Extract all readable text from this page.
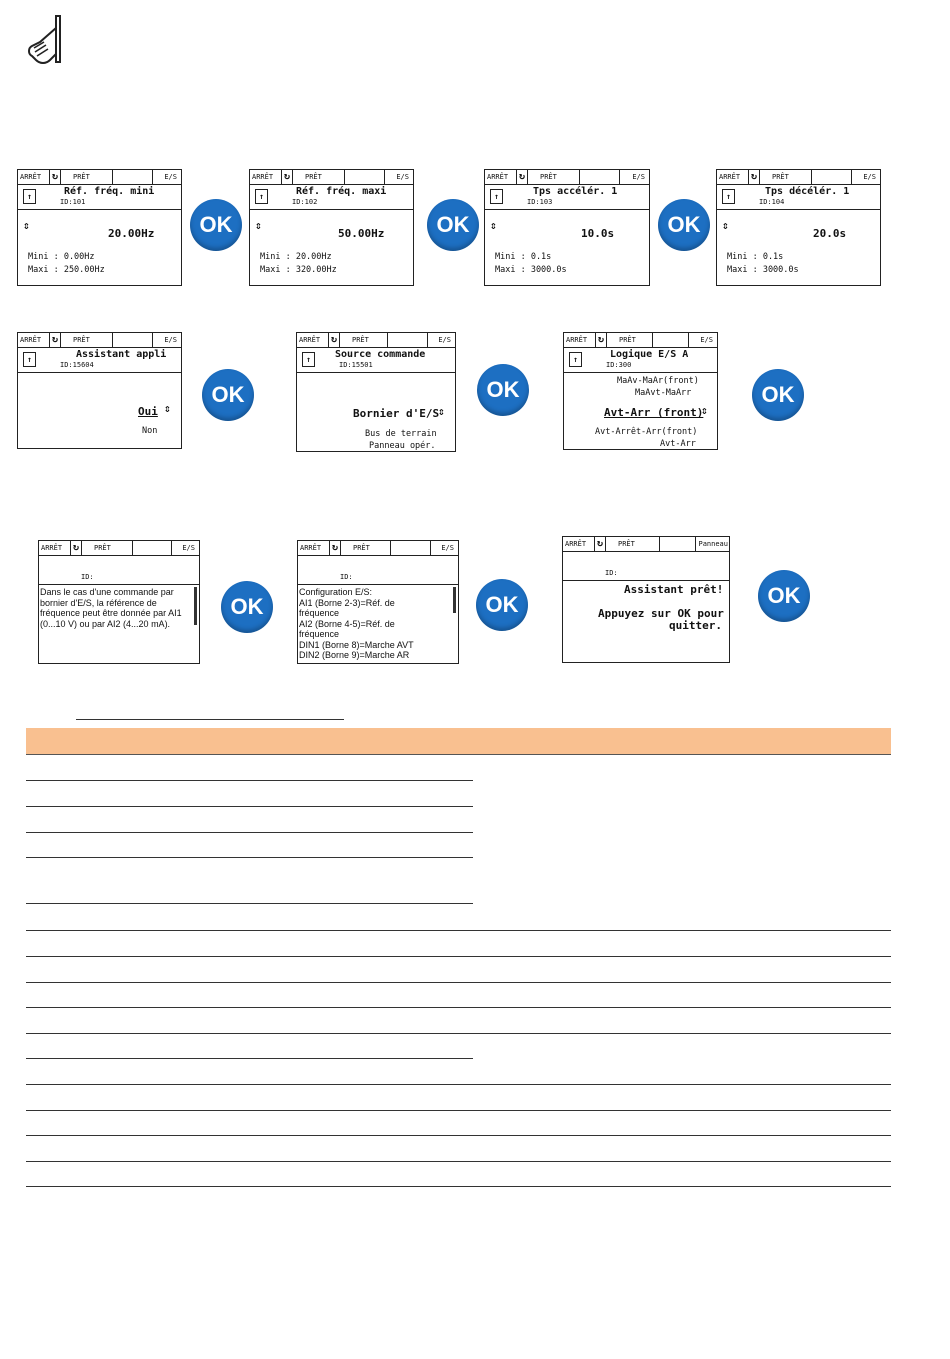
ARRÊT ↻	PRÊT	E/S
↑	Réf. fréq. mini
ID:101
⇕
20.00Hz
Mini : 0.00Hz
Maxi : 250.00Hz
OK
ARRÊT ↻	PRÊT	E/S
↑	Réf. fréq. maxi
ID:102
⇕
50.00Hz
Mini : 20.00Hz
Maxi : 320.00Hz
OK
ARRÊT ↻	PRÊT	E/S
↑	Tps accélér. 1
ID:103
⇕
10.0s
Mini : 0.1s
Maxi : 3000.0s
OK
ARRÊT ↻	PRÊT	E/S
↑	Tps décélér. 1
ID:104
⇕
20.0s
Mini : 0.1s
Maxi : 3000.0s
ARRÊT ↻	PRÊT	E/S
↑	Assistant appli
ID:15604
Oui ⇕
Non
OK
ARRÊT ↻	PRÊT	E/S
↑	Source commande
ID:15501
Bornier d'E/S
⇕
Bus de terrain
Panneau opér.
OK
ARRÊT ↻	PRÊT	E/S
↑	Logique E/S A
ID:300
MaAv-MaAr(front)
MaAvt-MaArr
Avt-Arr (front)
⇕
Avt-Arrêt-Arr(front)
Avt-Arr
OK
ARRÊT ↻	PRÊT	E/S
ID:
Dans le cas d'une commande par bornier d'E/S, la référence de fréquence peut être donnée par AI1 (0...10 V) ou par AI2 (4...20 mA).
OK
ARRÊT ↻	PRÊT	E/S
ID:
Configuration E/S:
AI1 (Borne 2-3)=Réf. de
fréquence
AI2 (Borne 4-5)=Réf. de
fréquence
DIN1 (Borne 8)=Marche AVT
DIN2 (Borne 9)=Marche AR
OK
ARRÊT ↻	PRÊT	Panneau
ID:
Assistant prêt!
Appuyez sur OK pour
quitter.
OK
